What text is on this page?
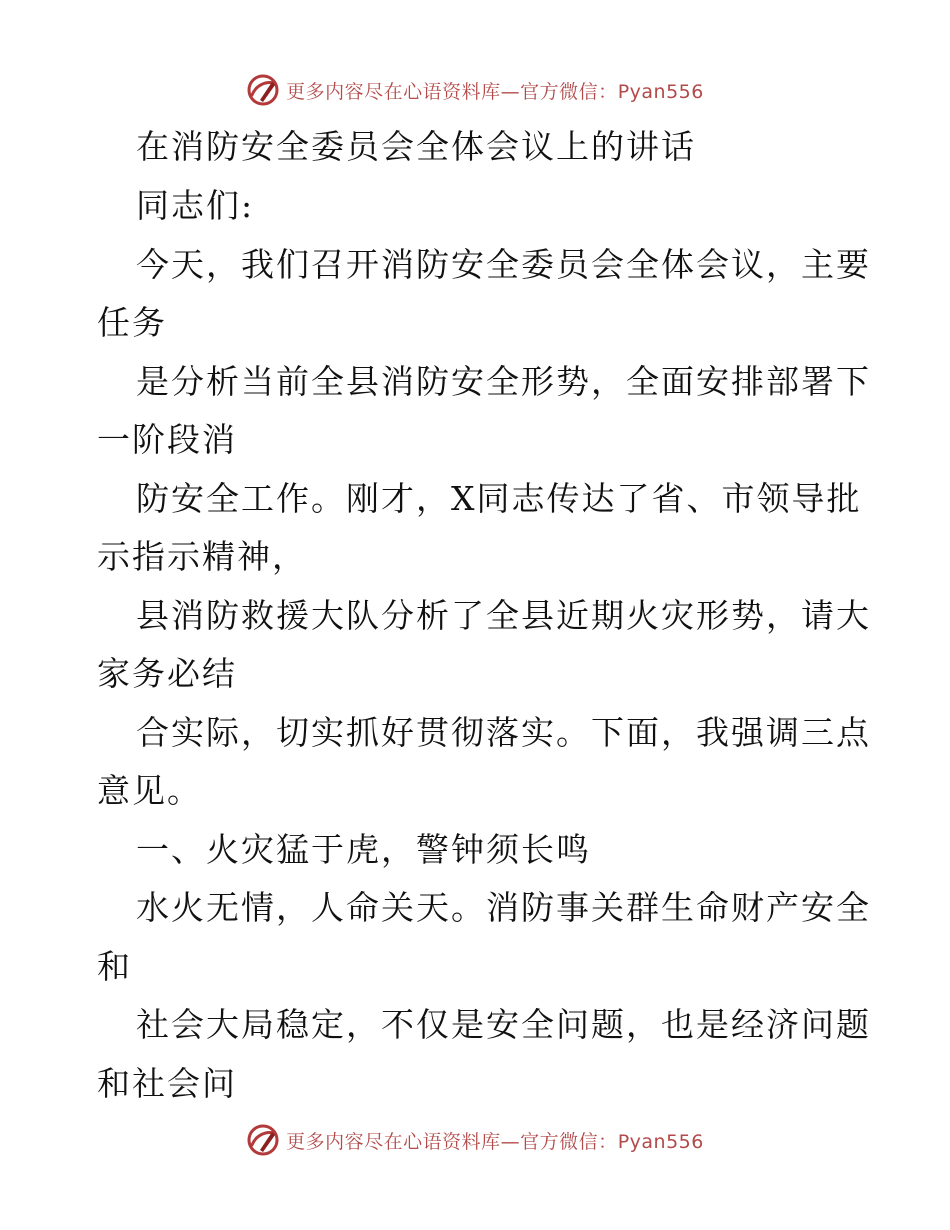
更多内容尽在心语资料库—官方微信：Pyan556
在消防安全委员会全体会议上的讲话
同志们:
今天，我们召开消防安全委员会全体会议，主要
任务
是分析当前全县消防安全形势，全面安排部署下
一阶段消
防安全工作。刚才，X同志传达了省、市领导批
示指示精神，
县消防救援大队分析了全县近期火灾形势，请大
家务必结
合实际，切实抓好贯彻落实。下面，我强调三点
意见。
一、火灾猛于虎，警钟须长鸣
水火无情，人命关天。消防事关群生命财产安全
和
社会大局稳定，不仅是安全问题，也是经济问题
和社会问
更多内容尽在心语资料库—官方微信：Pyan556
